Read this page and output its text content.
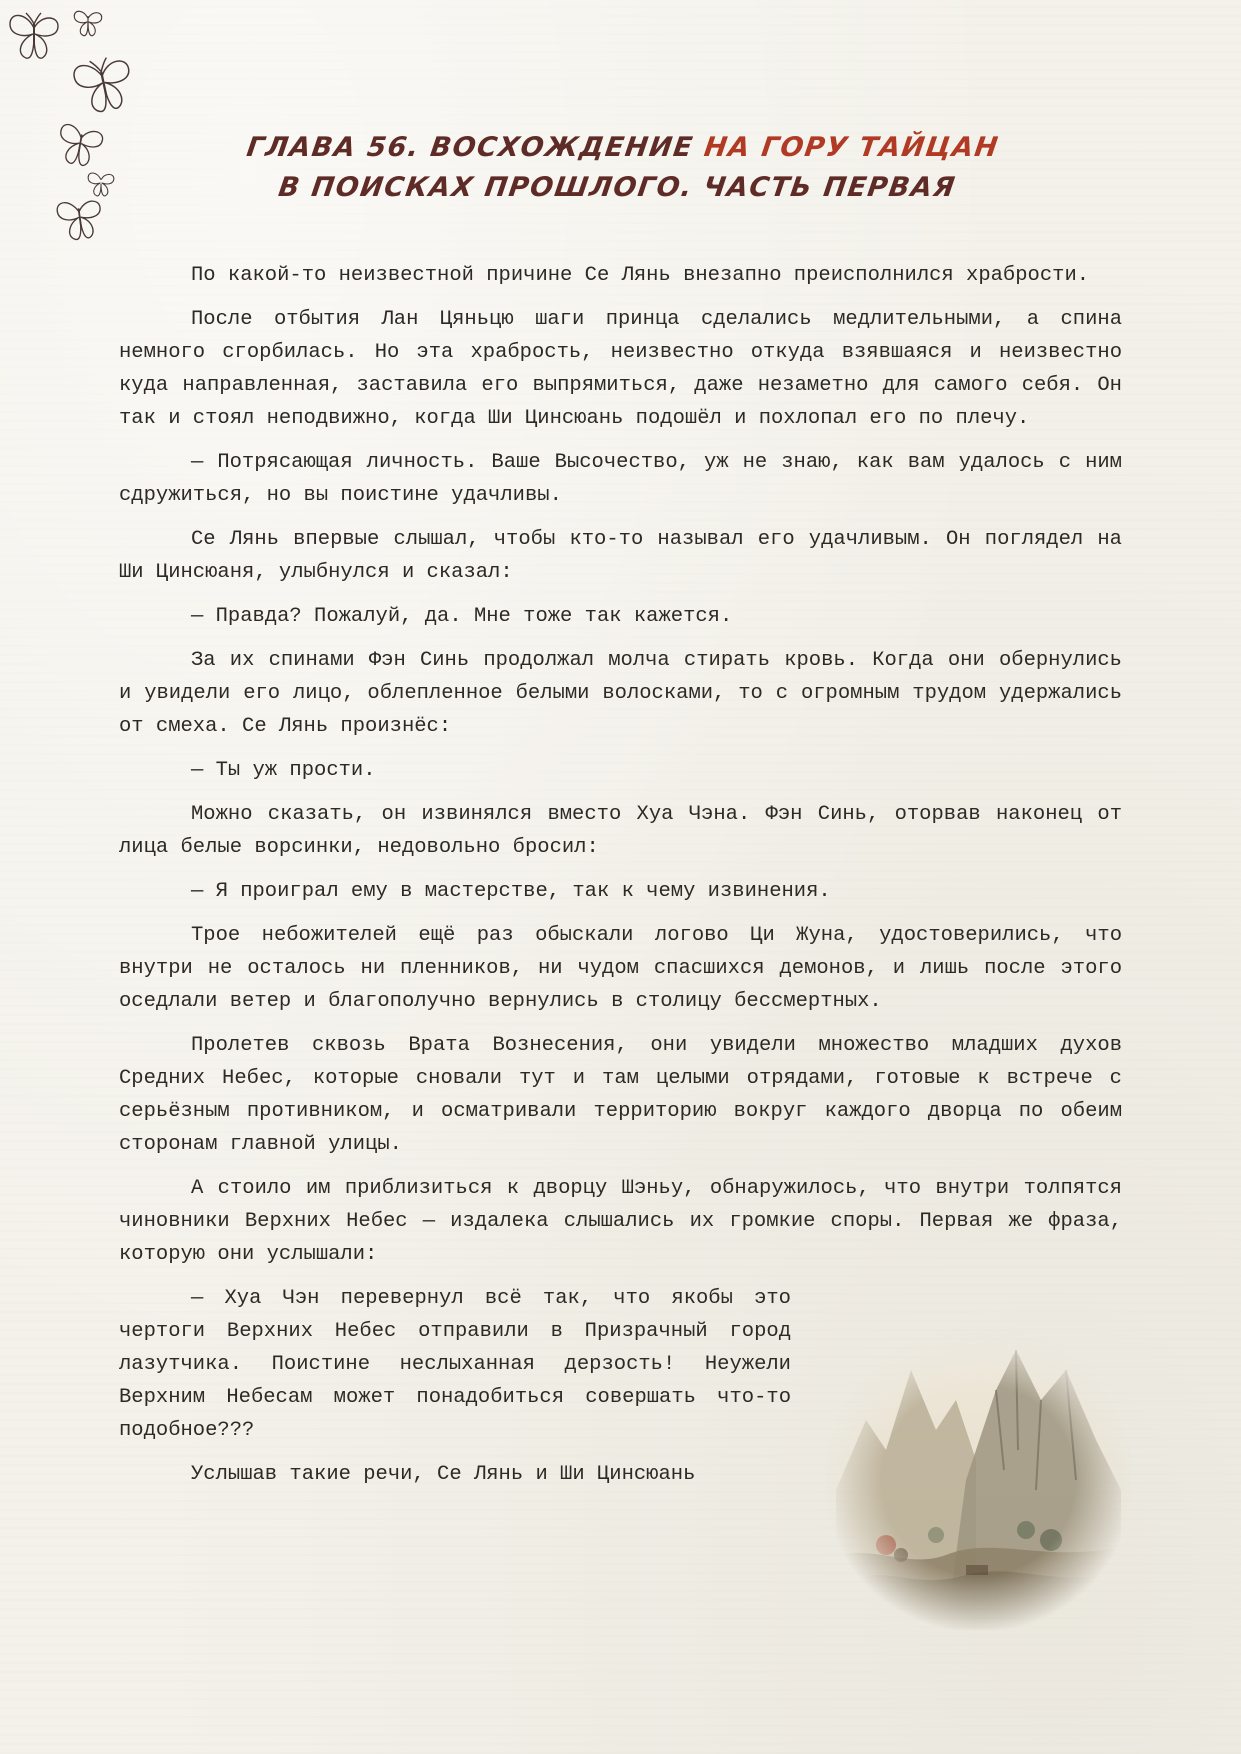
ГЛАВА 56. ВОСХОЖДЕНИЕ НА ГОРУ ТАЙЦАН
В ПОИСКАХ ПРОШЛОГО. ЧАСТЬ ПЕРВАЯ

По какой-то неизвестной причине Се Лянь внезапно преисполнился храбрости.

После отбытия Лан Цяньцю шаги принца сделались медлительными, а спина немного сгорбилась. Но эта храбрость, неизвестно откуда взявшаяся и неизвестно куда направленная, заставила его выпрямиться, даже незаметно для самого себя. Он так и стоял неподвижно, когда Ши Цинсюань подошёл и похлопал его по плечу.

— Потрясающая личность. Ваше Высочество, уж не знаю, как вам удалось с ним сдружиться, но вы поистине удачливы.

Се Лянь впервые слышал, чтобы кто-то называл его удачливым. Он поглядел на Ши Цинсюаня, улыбнулся и сказал:

— Правда? Пожалуй, да. Мне тоже так кажется.

За их спинами Фэн Синь продолжал молча стирать кровь. Когда они обернулись и увидели его лицо, облепленное белыми волосками, то с огромным трудом удержались от смеха. Се Лянь произнёс:

— Ты уж прости.

Можно сказать, он извинялся вместо Хуа Чэна. Фэн Синь, оторвав наконец от лица белые ворсинки, недовольно бросил:

— Я проиграл ему в мастерстве, так к чему извинения.

Трое небожителей ещё раз обыскали логово Ци Жуна, удостоверились, что внутри не осталось ни пленников, ни чудом спасшихся демонов, и лишь после этого оседлали ветер и благополучно вернулись в столицу бессмертных.

Пролетев сквозь Врата Вознесения, они увидели множество младших духов Средних Небес, которые сновали тут и там целыми отрядами, готовые к встрече с серьёзным противником, и осматривали территорию вокруг каждого дворца по обеим сторонам главной улицы.

А стоило им приблизиться к дворцу Шэньу, обнаружилось, что внутри толпятся чиновники Верхних Небес — издалека слышались их громкие споры. Первая же фраза, которую они услышали:

— Хуа Чэн перевернул всё так, что якобы это чертоги Верхних Небес отправили в Призрачный город лазутчика. Поистине неслыханная дерзость! Неужели Верхним Небесам может понадобиться совершать что-то подобное???

Услышав такие речи, Се Лянь и Ши Цинсюань
